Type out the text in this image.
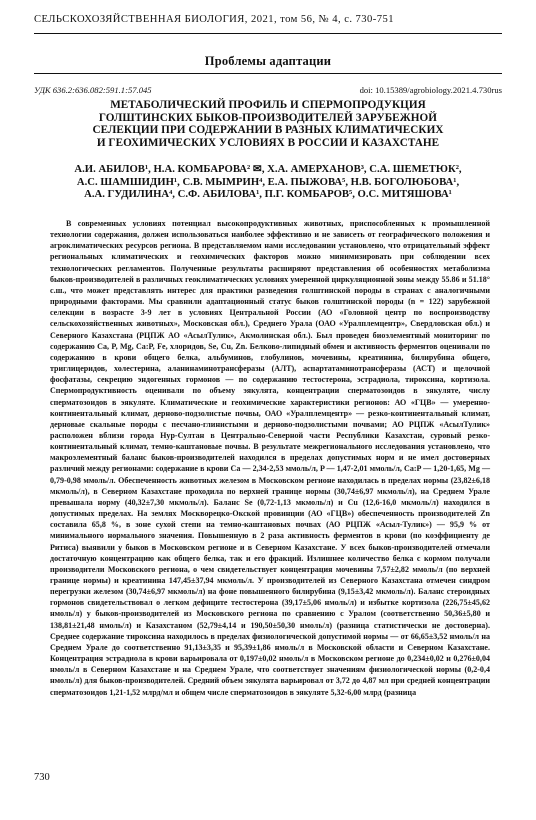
СЕЛЬСКОХОЗЯЙСТВЕННАЯ БИОЛОГИЯ, 2021, том 56, № 4, с. 730-751
Проблемы адаптации
УДК 636.2:636.082:591.1:57.045	doi: 10.15389/agrobiology.2021.4.730rus
МЕТАБОЛИЧЕСКИЙ ПРОФИЛЬ И СПЕРМОПРОДУКЦИЯ
ГОЛШТИНСКИХ БЫКОВ-ПРОИЗВОДИТЕЛЕЙ ЗАРУБЕЖНОЙ
СЕЛЕКЦИИ ПРИ СОДЕРЖАНИИ В РАЗНЫХ КЛИМАТИЧЕСКИХ
И ГЕОХИМИЧЕСКИХ УСЛОВИЯХ В РОССИИ И КАЗАХСТАНЕ
А.И. АБИЛОВ¹, Н.А. КОМБАРОВА² ✉, Х.А. АМЕРХАНОВ³, С.А. ШЕМЕТЮК²,
А.С. ШАМШИДИН¹, С.В. МЫМРИН⁴, Е.А. ПЫЖОВА⁵, Н.В. БОГОЛЮБОВА¹,
А.А. ГУДИЛИНА⁴, С.Ф. АБИЛОВА¹, П.Г. КОМБАРОВ⁵, О.С. МИТЯШОВА¹

В современных условиях потенциал высокопродуктивных животных, приспособленных к промышленной технологии содержания, должен использоваться наиболее эффективно и не зависеть от географического положения и агроклиматических ресурсов региона. В представляемом нами исследовании установлено, что отрицательный эффект региональных климатических и геохимических факторов можно минимизировать при соблюдении всех технологических регламентов. Полученные результаты расширяют представления об особенностях метаболизма быков-производителей в различных геоклиматических условиях умеренной циркуляционной зоны между 55.86 и 51.18° с.ш., что может представлять интерес для практики разведения голштинской породы в странах с аналогичными природными факторами. Мы сравнили адаптационный статус быков голштинской породы (n = 122) зарубежной селекции в возрасте 3-9 лет в условиях Центральной России (АО «Головной центр по воспроизводству сельскохозяйственных животных», Московская обл.), Среднего Урала (ОАО «Уралплемцентр», Свердловская обл.) и Северного Казахстана (РЦПЖ АО «АсылТулик», Акмолинская обл.). Был проведен биоэлементный мониторинг по содержанию Ca, P, Mg, Ca:P, Fe, хлоридов, Se, Cu, Zn. Белково-липидный обмен и активность ферментов оценивали по содержанию в крови общего белка, альбуминов, глобулинов, мочевины, креатинина, билирубина общего, триглицеридов, холестерина, аланинаминотрансферазы (АЛТ), аспартатаминотрансферазы (АСТ) и щелочной фосфатазы, секрецию эндогенных гормонов — по содержанию тестостерона, эстрадиола, тироксина, кортизола. Спермопродуктивность оценивали по объему эякулята, концентрации сперматозоидов в эякуляте, числу сперматозоидов в эякуляте. Климатические и геохимические характеристики регионов: АО «ГЦВ» — умеренно-континентальный климат, дерново-подзолистые почвы, ОАО «Уралплемцентр» — резко-континентальный климат, дерновые скальные породы с песчано-глинистыми и дерново-подзолистыми почвами; АО РЦПЖ «АсылТулик» расположен вблизи города Нур-Султан в Центрально-Северной части Республики Казахстан, суровый резко-континентальный климат, темно-каштановые почвы. В результате межрегионального исследования установлено, что макроэлементный баланс быков-производителей находился в пределах допустимых норм и не имел достоверных различий между регионами: содержание в крови Ca — 2,34-2,53 ммоль/л, P — 1,47-2,01 ммоль/л, Ca:P — 1,20-1,65, Mg — 0,79-0,98 ммоль/л. Обеспеченность животных железом в Московском регионе находилась в пределах нормы (23,82±6,18 мкмоль/л), в Северном Казахстане проходила по верхней границе нормы (30,74±6,97 мкмоль/л), на Среднем Урале превышала норму (40,32±7,30 мкмоль/л). Баланс Se (0,72-1,13 мкмоль/л) и Cu (12,6-16,0 мкмоль/л) находился в допустимых пределах. На землях Москворецко-Окской провинции (АО «ГЦВ») обеспеченность производителей Zn составила 65,8 %, в зоне сухой степи на темно-каштановых почвах (АО РЦПЖ «Асыл-Тулик») — 95,9 % от минимального нормального значения. Повышенную в 2 раза активность ферментов в крови (по коэффициенту де Ритиса) выявили у быков в Московском регионе и в Северном Казахстане. У всех быков-производителей отмечали достаточную концентрацию как общего белка, так и его фракций. Излишнее количество белка с кормом получали производители Московского региона, о чем свидетельствует концентрация мочевины 7,57±2,82 ммоль/л (по верхней границе нормы) и креатинина 147,45±37,94 мкмоль/л. У производителей из Северного Казахстана отмечен синдром перегрузки железом (30,74±6,97 мкмоль/л) на фоне повышенного билирубина (9,15±3,42 мкмоль/л). Баланс стероидных гормонов свидетельствовал о легком дефиците тестостерона (39,17±5,06 нмоль/л) и избытке кортизола (226,75±45,62 нмоль/л) у быков-производителей из Московского региона по сравнению с Уралом (соответственно 50,36±5,80 и 138,81±21,48 нмоль/л) и Казахстаном (52,79±4,14 и 190,50±50,30 нмоль/л) (разница статистически не достоверна). Среднее содержание тироксина находилось в пределах физиологической допустимой нормы — от 66,65±3,52 нмоль/л на Среднем Урале до соответственно 91,13±3,35 и 95,39±1,86 нмоль/л в Московской области и Северном Казахстане. Концентрация эстрадиола в крови варьировала от 0,197±0,02 нмоль/л в Московском регионе до 0,234±0,02 и 0,276±0,04 нмоль/л в Северном Казахстане и на Среднем Урале, что соответствует значениям физиологической нормы (0,2-0,4 нмоль/л) для быков-производителей. Средний объем эякулята варьировал от 3,72 до 4,87 мл при средней концентрации сперматозоидов 1,21-1,52 млрд/мл и общем числе сперматозоидов в эякуляте 5,32-6,00 млрд (разница

730
